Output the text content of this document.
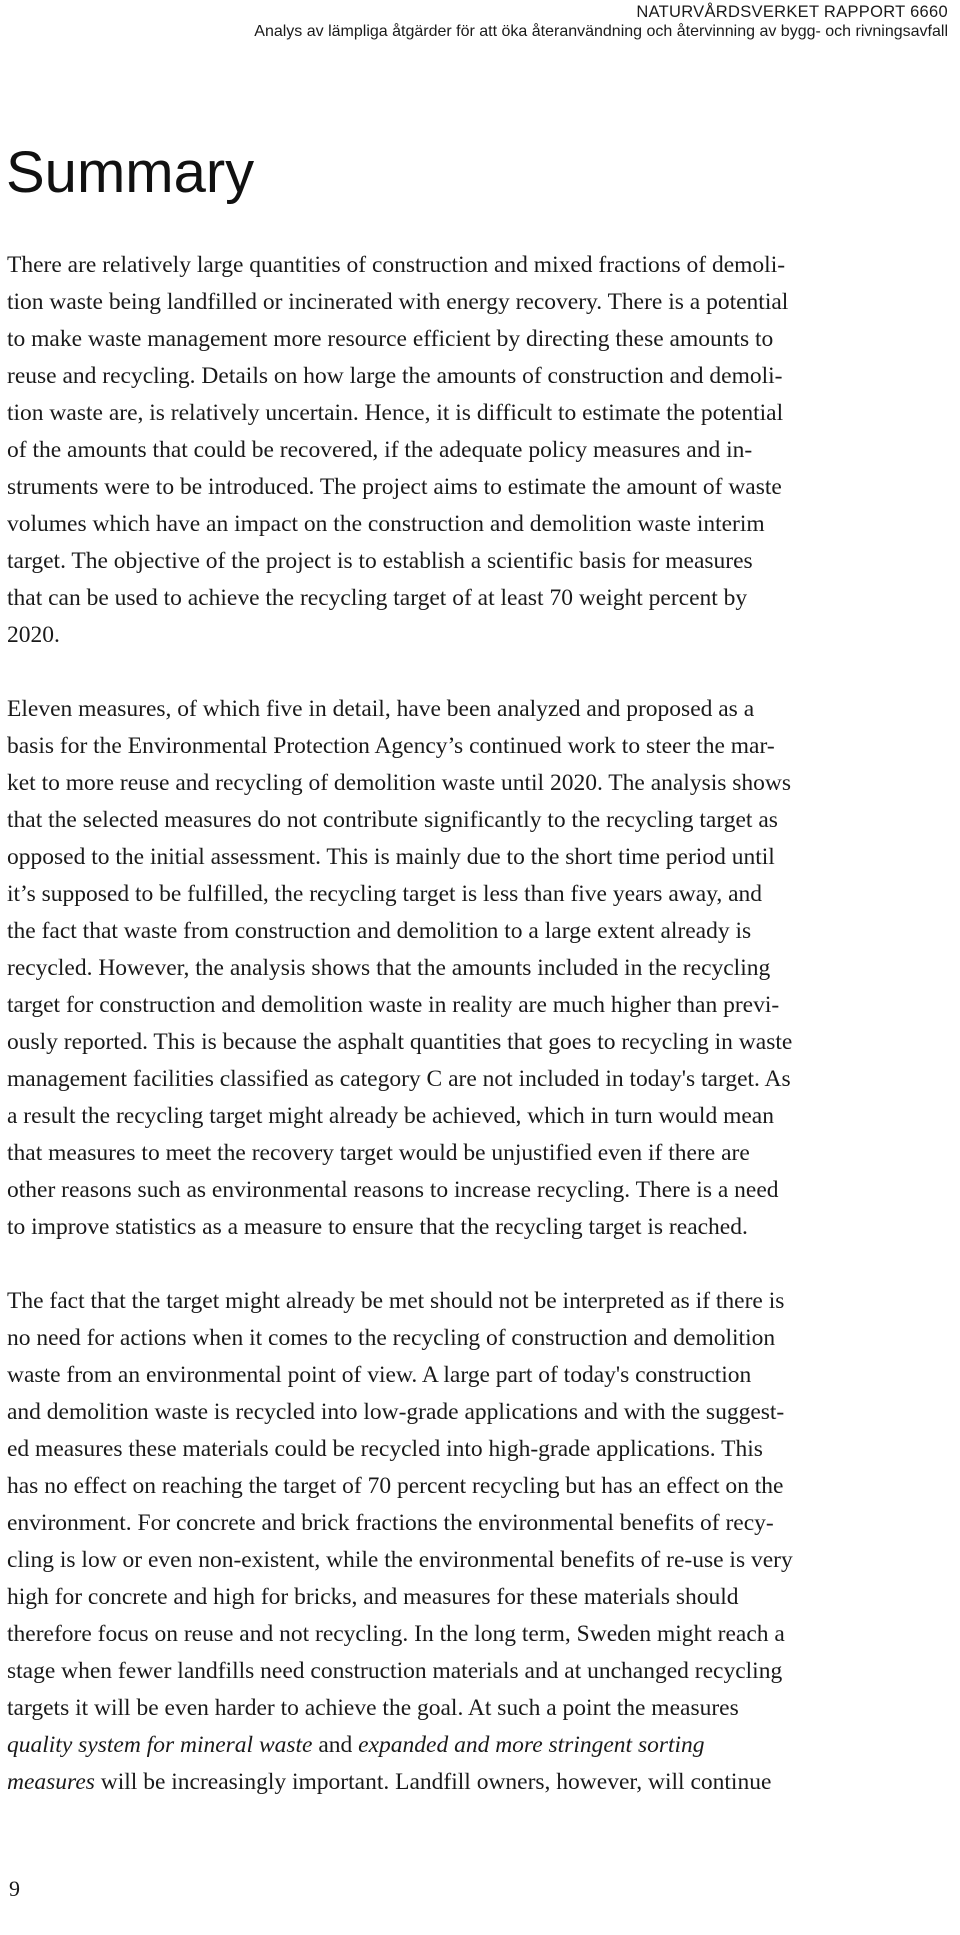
NATURVÅRDSVERKET RAPPORT 6660
Analys av lämpliga åtgärder för att öka återanvändning och återvinning av bygg- och rivningsavfall
Summary
There are relatively large quantities of construction and mixed fractions of demoli-
tion waste being landfilled or incinerated with energy recovery. There is a potential
to make waste management more resource efficient by directing these amounts to
reuse and recycling. Details on how large the amounts of construction and demoli-
tion waste are, is relatively uncertain. Hence, it is difficult to estimate the potential
of the amounts that could be recovered, if the adequate policy measures and in-
struments were to be introduced. The project aims to estimate the amount of waste
volumes which have an impact on the construction and demolition waste interim
target. The objective of the project is to establish a scientific basis for measures
that can be used to achieve the recycling target of at least 70 weight percent by
2020.
Eleven measures, of which five in detail, have been analyzed and proposed as a
basis for the Environmental Protection Agency’s continued work to steer the mar-
ket to more reuse and recycling of demolition waste until 2020. The analysis shows
that the selected measures do not contribute significantly to the recycling target as
opposed to the initial assessment. This is mainly due to the short time period until
it’s supposed to be fulfilled, the recycling target is less than five years away, and
the fact that waste from construction and demolition to a large extent already is
recycled. However, the analysis shows that the amounts included in the recycling
target for construction and demolition waste in reality are much higher than previ-
ously reported. This is because the asphalt quantities that goes to recycling in waste
management facilities classified as category C are not included in today's target. As
a result the recycling target might already be achieved, which in turn would mean
that measures to meet the recovery target would be unjustified even if there are
other reasons such as environmental reasons to increase recycling. There is a need
to improve statistics as a measure to ensure that the recycling target is reached.
The fact that the target might already be met should not be interpreted as if there is
no need for actions when it comes to the recycling of construction and demolition
waste from an environmental point of view. A large part of today's construction
and demolition waste is recycled into low-grade applications and with the suggest-
ed measures these materials could be recycled into high-grade applications. This
has no effect on reaching the target of 70 percent recycling but has an effect on the
environment. For concrete and brick fractions the environmental benefits of recy-
cling is low or even non-existent, while the environmental benefits of re-use is very
high for concrete and high for bricks, and measures for these materials should
therefore focus on reuse and not recycling. In the long term, Sweden might reach a
stage when fewer landfills need construction materials and at unchanged recycling
targets it will be even harder to achieve the goal. At such a point the measures
quality system for mineral waste and expanded and more stringent sorting
measures will be increasingly important. Landfill owners, however, will continue
9
